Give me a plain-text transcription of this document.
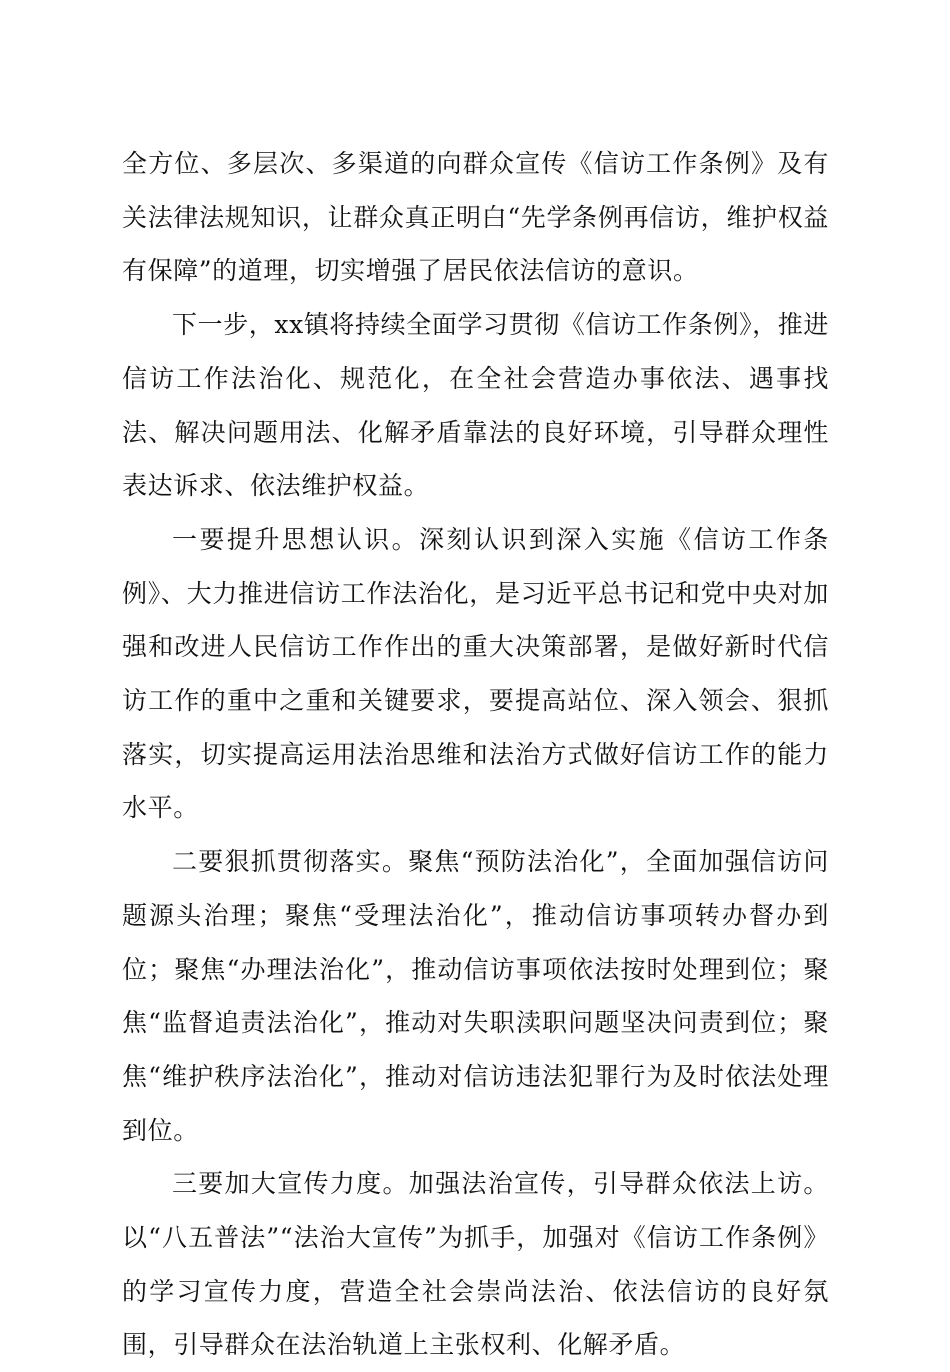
全方位、多层次、多渠道的向群众宣传《信访工作条例》及有关法律法规知识，让群众真正明白“先学条例再信访，维护权益有保障”的道理，切实增强了居民依法信访的意识。

下一步，xx镇将持续全面学习贯彻《信访工作条例》，推进信访工作法治化、规范化，在全社会营造办事依法、遇事找法、解决问题用法、化解矛盾靠法的良好环境，引导群众理性表达诉求、依法维护权益。

一要提升思想认识。深刻认识到深入实施《信访工作条例》、大力推进信访工作法治化，是习近平总书记和党中央对加强和改进人民信访工作作出的重大决策部署，是做好新时代信访工作的重中之重和关键要求，要提高站位、深入领会、狠抓落实，切实提高运用法治思维和法治方式做好信访工作的能力水平。

二要狠抓贯彻落实。聚焦“预防法治化”，全面加强信访问题源头治理；聚焦“受理法治化”，推动信访事项转办督办到位；聚焦“办理法治化”，推动信访事项依法按时处理到位；聚焦“监督追责法治化”，推动对失职渎职问题坚决问责到位；聚焦“维护秩序法治化”，推动对信访违法犯罪行为及时依法处理到位。

三要加大宣传力度。加强法治宣传，引导群众依法上访。以“八五普法”“法治大宣传”为抓手，加强对《信访工作条例》的学习宣传力度，营造全社会崇尚法治、依法信访的良好氛围，引导群众在法治轨道上主张权利、化解矛盾。
